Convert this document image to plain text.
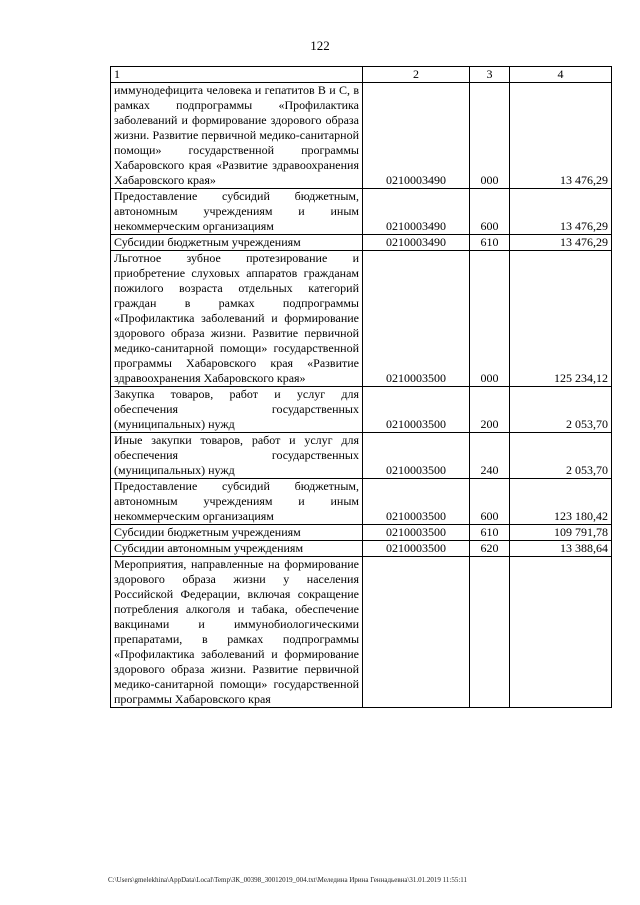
122
1	2	3	4
иммунодефицита человека и гепатитов В и С, в рамках подпрограммы «Профилактика заболеваний и формирование здорового образа жизни. Развитие первичной медико-санитарной помощи» государственной программы Хабаровского края «Развитие здравоохранения Хабаровского края»	0210003490	000	13 476,29
Предоставление субсидий бюджетным, автономным учреждениям и иным некоммерческим организациям	0210003490	600	13 476,29
Субсидии бюджетным учреждениям	0210003490	610	13 476,29
Льготное зубное протезирование и приобретение слуховых аппаратов гражданам пожилого возраста отдельных категорий граждан в рамках подпрограммы «Профилактика заболеваний и формирование здорового образа жизни. Развитие первичной медико-санитарной помощи» государственной программы Хабаровского края «Развитие здравоохранения Хабаровского края»	0210003500	000	125 234,12
Закупка товаров, работ и услуг для обеспечения государственных (муниципальных) нужд	0210003500	200	2 053,70
Иные закупки товаров, работ и услуг для обеспечения государственных (муниципальных) нужд	0210003500	240	2 053,70
Предоставление субсидий бюджетным, автономным учреждениям и иным некоммерческим организациям	0210003500	600	123 180,42
Субсидии бюджетным учреждениям	0210003500	610	109 791,78
Субсидии автономным учреждениям	0210003500	620	13 388,64
Мероприятия, направленные на формирование здорового образа жизни у населения Российской Федерации, включая сокращение потребления алкоголя и табака, обеспечение вакцинами и иммунобиологическими препаратами, в рамках подпрограммы «Профилактика заболеваний и формирование здорового образа жизни. Развитие первичной медико-санитарной помощи» государственной программы Хабаровского края			
C:\Users\gmelekhina\AppData\Local\Temp\ЗК_00398_30012019_004.txt\Меледина Ирина Геннадьевна\31.01.2019 11:55:11
